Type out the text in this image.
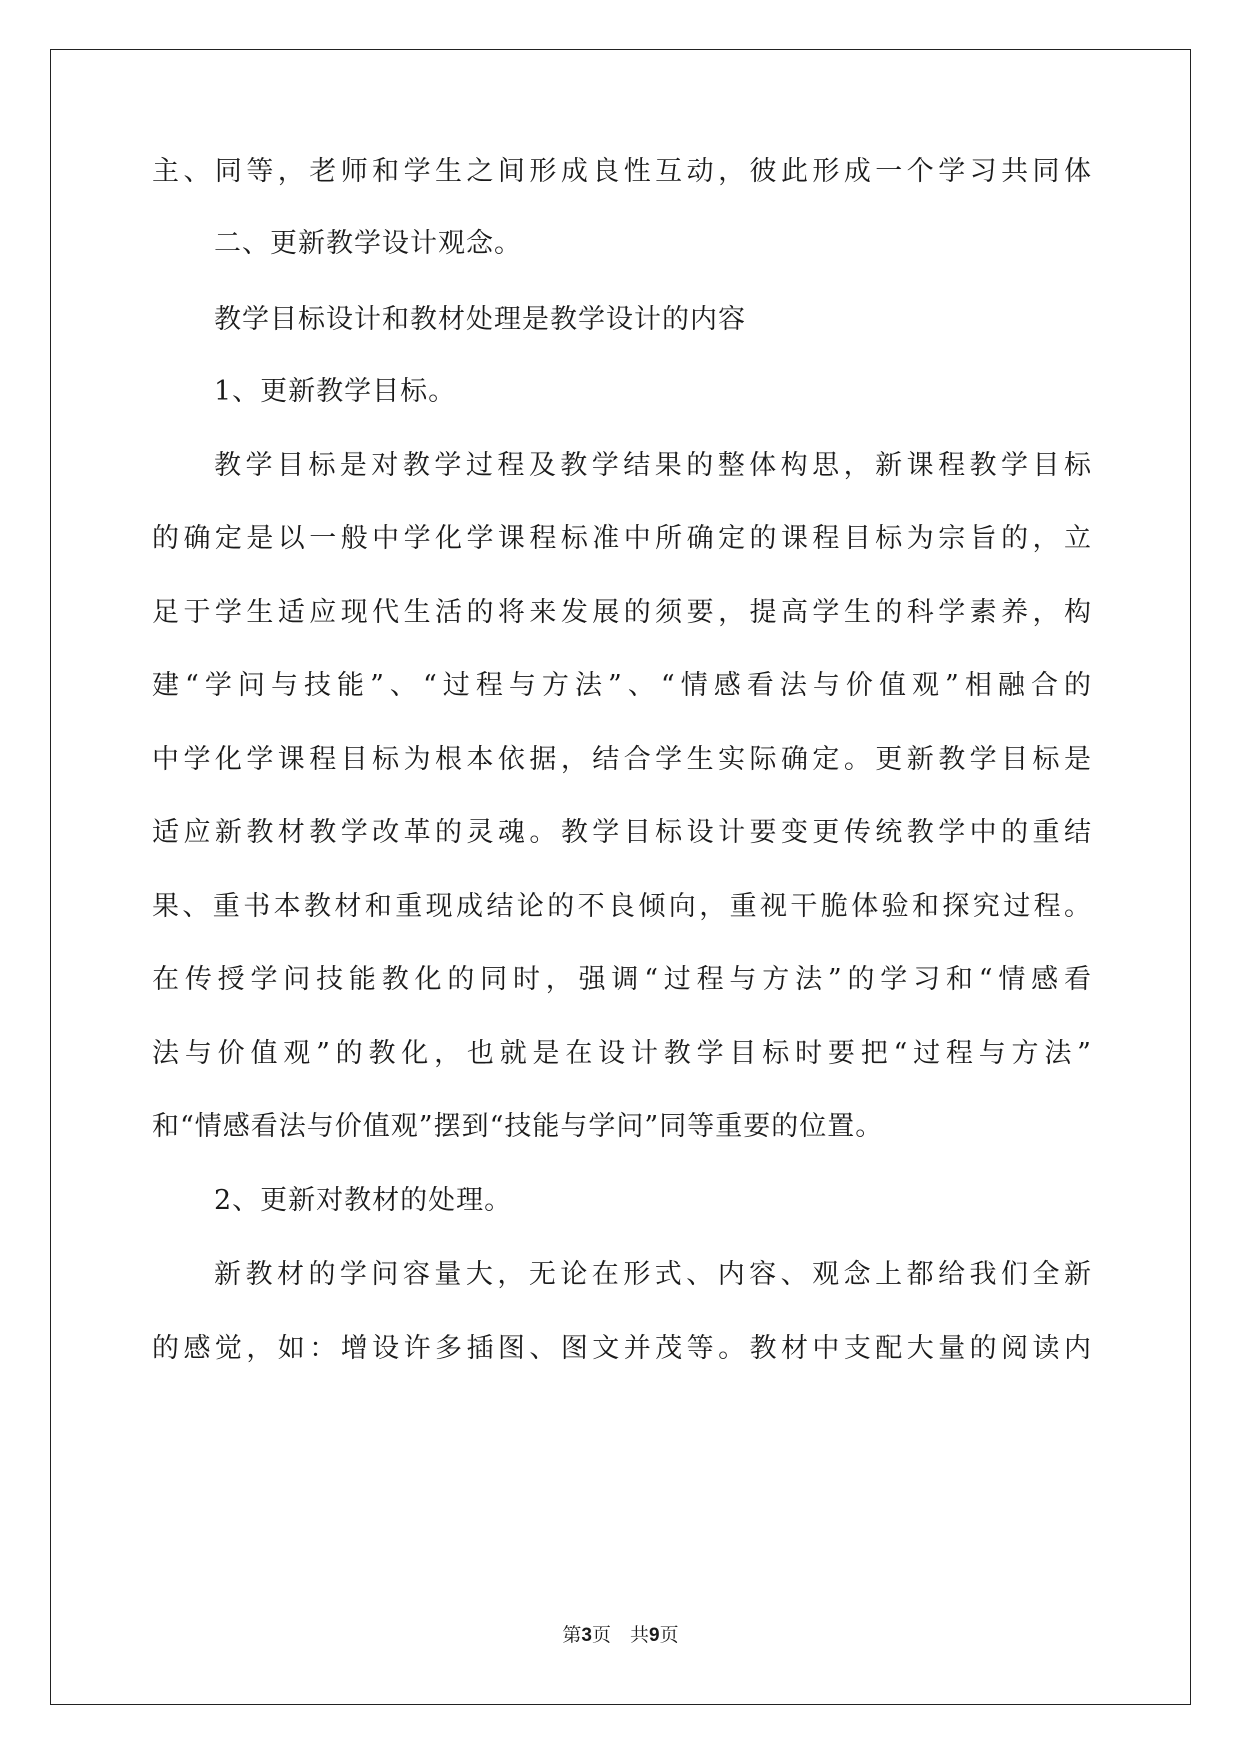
主、同等，老师和学生之间形成良性互动，彼此形成一个学习共同体
二、更新教学设计观念。
教学目标设计和教材处理是教学设计的内容
1、更新教学目标。
教学目标是对教学过程及教学结果的整体构思，新课程教学目标
的确定是以一般中学化学课程标准中所确定的课程目标为宗旨的，立
足于学生适应现代生活的将来发展的须要，提高学生的科学素养，构
建“学问与技能”、“过程与方法”、“情感看法与价值观”相融合的
中学化学课程目标为根本依据，结合学生实际确定。更新教学目标是
适应新教材教学改革的灵魂。教学目标设计要变更传统教学中的重结
果、重书本教材和重现成结论的不良倾向，重视干脆体验和探究过程。
在传授学问技能教化的同时，强调“过程与方法”的学习和“情感看
法与价值观”的教化，也就是在设计教学目标时要把“过程与方法”
和“情感看法与价值观”摆到“技能与学问”同等重要的位置。
2、更新对教材的处理。
新教材的学问容量大，无论在形式、内容、观念上都给我们全新
的感觉，如：增设许多插图、图文并茂等。教材中支配大量的阅读内
第3页　共9页
